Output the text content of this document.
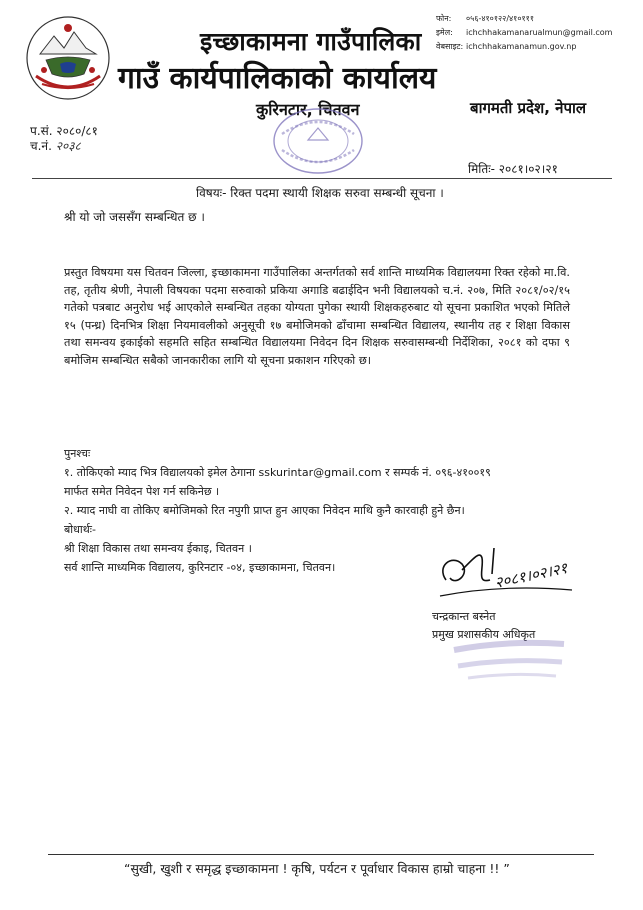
इच्छाकामना गाउँपालिका
गाउँ कार्यपालिकाको कार्यालय
कुरिनटार, चितवन	बागमती प्रदेश, नेपाल
फोन: ०५६-४१०१२२/४१०१११
इमेल: ichchhakamanarualmun@gmail.com
वेबसाइट: ichchhakamanamun.gov.np
प.सं. २०८०/८१
च.नं. २०३८
मितिः- २०८१।०२।२१
विषयः- रिक्त पदमा स्थायी शिक्षक सरुवा सम्बन्धी सूचना ।
श्री यो जो जससँग सम्बन्धित छ ।
प्रस्तुत विषयमा यस चितवन जिल्ला, इच्छाकामना गाउँपालिका अन्तर्गतको सर्व शान्ति माध्यमिक विद्यालयमा रिक्त रहेको मा.वि. तह, तृतीय श्रेणी, नेपाली विषयका पदमा सरुवाको प्रकिया अगाडि बढाईदिन भनी विद्यालयको च.नं. २०७, मिति २०८१/०२/१५ गतेको पत्रबाट अनुरोध भई आएकोले सम्बन्धित तहका योग्यता पुगेका स्थायी शिक्षकहरुबाट यो सूचना प्रकाशित भएको मितिले १५ (पन्ध्र) दिनभित्र शिक्षा नियमावलीको अनुसूची १७ बमोजिमको ढाँचामा सम्बन्धित विद्यालय, स्थानीय तह र शिक्षा विकास तथा समन्वय इकाईको सहमति सहित सम्बन्धित विद्यालयमा निवेदन दिन शिक्षक सरुवासम्बन्धी निर्देशिका, २०८१ को दफा ९ बमोजिम सम्बन्धित सबैको जानकारीका लागि यो सूचना प्रकाशन गरिएको छ।
पुनश्चः
१. तोकिएको म्याद भित्र विद्यालयको इमेल ठेगाना sskurintar@gmail.com र सम्पर्क नं. ०९६-४१००१९
मार्फत समेत निवेदन पेश गर्न सकिनेछ ।
२. म्याद नाघी वा तोकिए बमोजिमको रित नपुगी प्राप्त हुन आएका निवेदन माथि कुनै कारवाही हुने छैन।
बोधार्थः-
श्री शिक्षा विकास तथा समन्वय ईकाइ, चितवन ।
सर्व शान्ति माध्यमिक विद्यालय, कुरिनटार -०४, इच्छाकामना, चितवन।	२०८१।०२।२१
चन्द्रकान्त बस्नेत
प्रमुख प्रशासकीय अधिकृत
“सुखी, खुशी र समृद्ध इच्छाकामना ! कृषि, पर्यटन र पूर्वाधार विकास हाम्रो चाहना !! ”
